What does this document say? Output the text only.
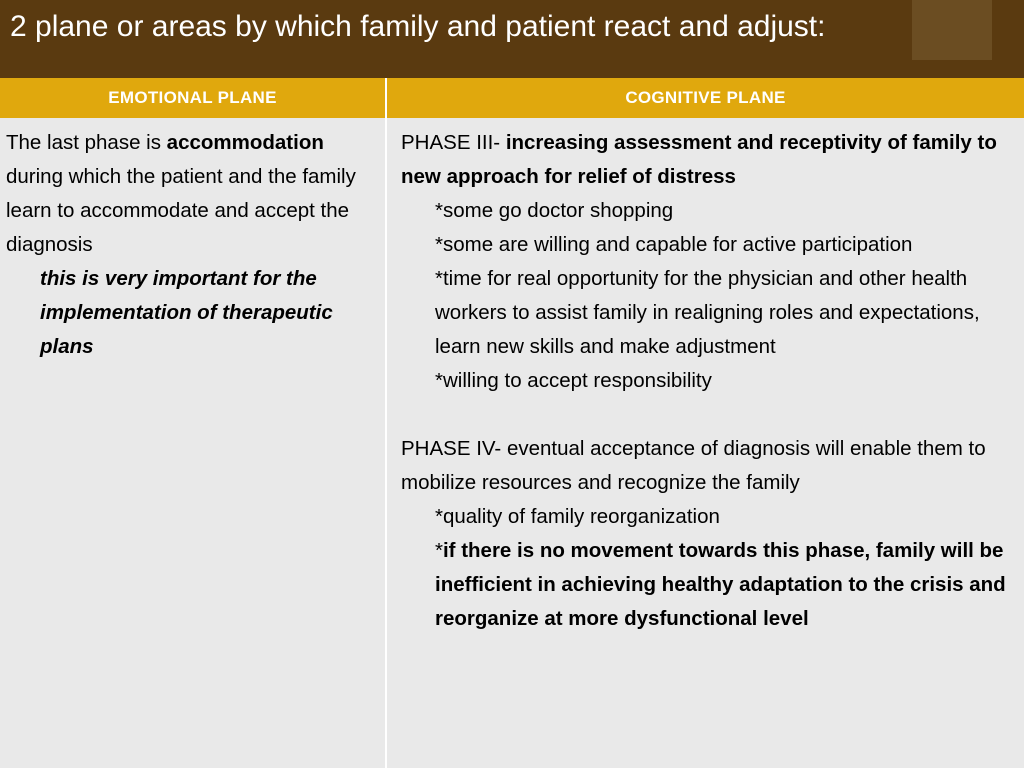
2 plane or areas by which family and patient react and adjust:
EMOTIONAL PLANE	COGNITIVE PLANE

The last phase is accommodation during which the patient and the family learn to accommodate and accept the diagnosis

this is very important for the implementation of therapeutic plans

PHASE III- increasing assessment and receptivity of family to new approach for relief of distress

*some go doctor shopping

*some are willing and capable for active participation

*time for real opportunity for the physician and other health workers to assist family in realigning roles and expectations, learn new skills and make adjustment

*willing to accept responsibility

PHASE IV- eventual acceptance of diagnosis will enable them to mobilize resources and recognize the family

*quality of family reorganization

*if there is no movement towards this phase, family will be inefficient in achieving healthy adaptation to the crisis and reorganize at more dysfunctional level
